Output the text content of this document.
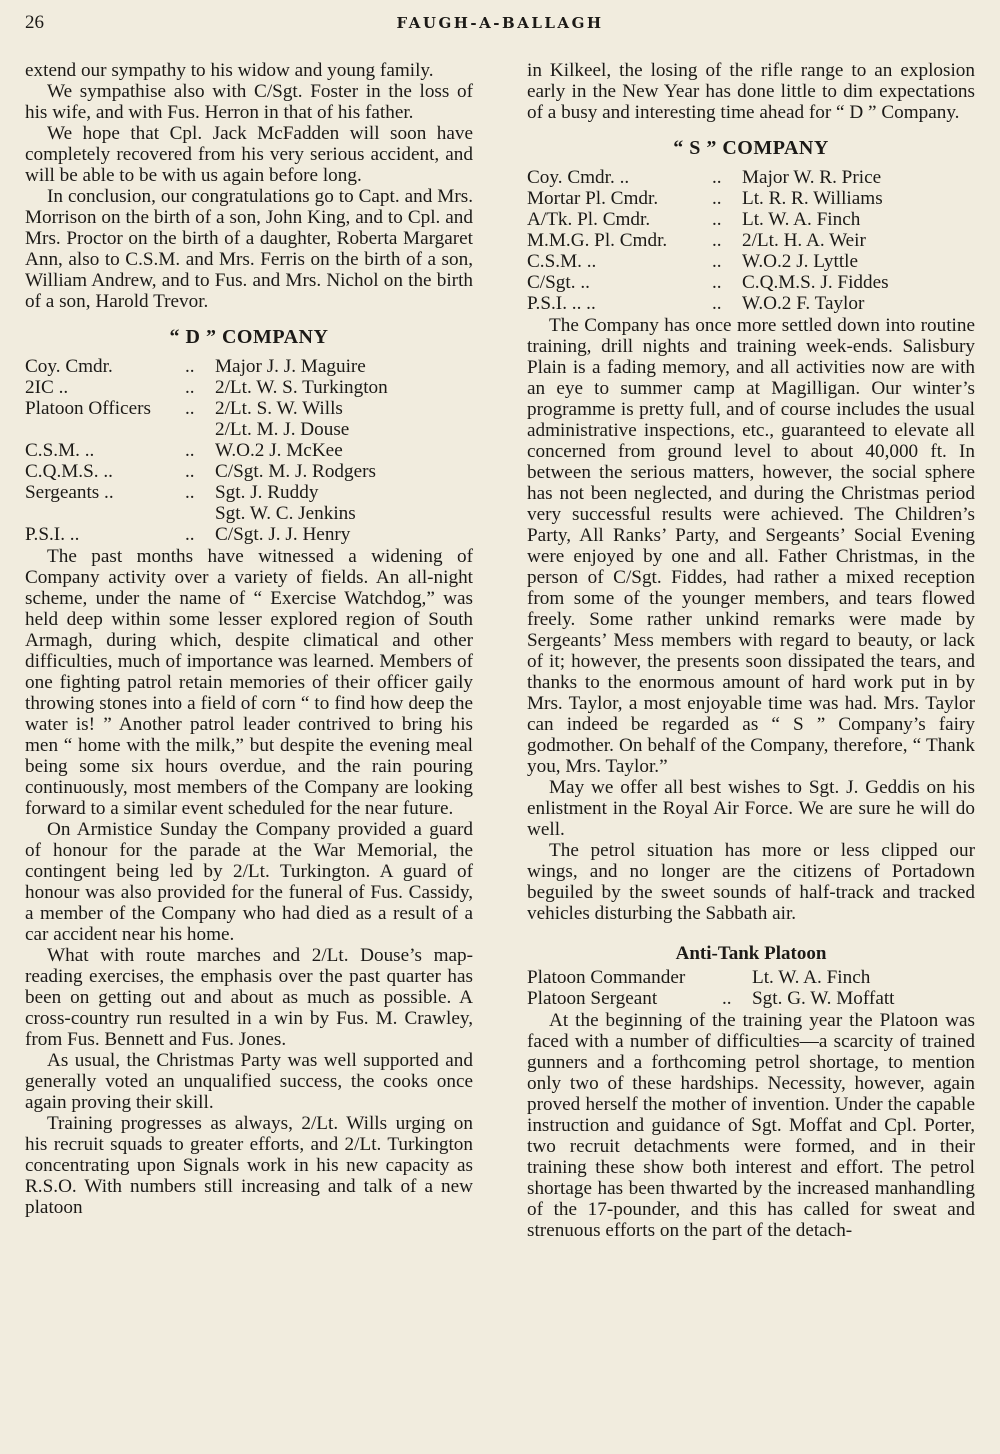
26	FAUGH-A-BALLAGH

extend our sympathy to his widow and young family.

We sympathise also with C/Sgt. Foster in the loss of his wife, and with Fus. Herron in that of his father.

We hope that Cpl. Jack McFadden will soon have completely recovered from his very serious accident, and will be able to be with us again before long.

In conclusion, our congratulations go to Capt. and Mrs. Morrison on the birth of a son, John King, and to Cpl. and Mrs. Proctor on the birth of a daughter, Roberta Margaret Ann, also to C.S.M. and Mrs. Ferris on the birth of a son, William Andrew, and to Fus. and Mrs. Nichol on the birth of a son, Harold Trevor.

“ D ” COMPANY
Coy. Cmdr.	..	Major J. J. Maguire
2IC ..	..	2/Lt. W. S. Turkington
Platoon Officers	..	2/Lt. S. W. Wills
		2/Lt. M. J. Douse
C.S.M. ..	..	W.O.2 J. McKee
C.Q.M.S. ..	..	C/Sgt. M. J. Rodgers
Sergeants ..	..	Sgt. J. Ruddy
		Sgt. W. C. Jenkins
P.S.I. ..	..	C/Sgt. J. J. Henry

The past months have witnessed a widening of Company activity over a variety of fields. An all-night scheme, under the name of “ Exercise Watchdog,” was held deep within some lesser explored region of South Armagh, during which, despite climatical and other difficulties, much of importance was learned. Members of one fighting patrol retain memories of their officer gaily throwing stones into a field of corn “ to find how deep the water is! ” Another patrol leader contrived to bring his men “ home with the milk,” but despite the evening meal being some six hours overdue, and the rain pouring continuously, most members of the Company are looking forward to a similar event scheduled for the near future.

On Armistice Sunday the Company provided a guard of honour for the parade at the War Memorial, the contingent being led by 2/Lt. Turkington. A guard of honour was also provided for the funeral of Fus. Cassidy, a member of the Company who had died as a result of a car accident near his home.

What with route marches and 2/Lt. Douse’s map-reading exercises, the emphasis over the past quarter has been on getting out and about as much as possible. A cross-country run resulted in a win by Fus. M. Crawley, from Fus. Bennett and Fus. Jones.

As usual, the Christmas Party was well supported and generally voted an unqualified success, the cooks once again proving their skill.

Training progresses as always, 2/Lt. Wills urging on his recruit squads to greater efforts, and 2/Lt. Turkington concentrating upon Signals work in his new capacity as R.S.O. With numbers still increasing and talk of a new platoon

in Kilkeel, the losing of the rifle range to an explosion early in the New Year has done little to dim expectations of a busy and interesting time ahead for “ D ” Company.

“ S ” COMPANY
Coy. Cmdr. ..	..	Major W. R. Price
Mortar Pl. Cmdr.	..	Lt. R. R. Williams
A/Tk. Pl. Cmdr.	..	Lt. W. A. Finch
M.M.G. Pl. Cmdr.	..	2/Lt. H. A. Weir
C.S.M. ..	..	W.O.2 J. Lyttle
C/Sgt. ..	..	C.Q.M.S. J. Fiddes
P.S.I. .. ..	..	W.O.2 F. Taylor

The Company has once more settled down into routine training, drill nights and training week-ends. Salisbury Plain is a fading memory, and all activities now are with an eye to summer camp at Magilligan. Our winter’s programme is pretty full, and of course includes the usual administrative inspections, etc., guaranteed to elevate all concerned from ground level to about 40,000 ft. In between the serious matters, however, the social sphere has not been neglected, and during the Christmas period very successful results were achieved. The Children’s Party, All Ranks’ Party, and Sergeants’ Social Evening were enjoyed by one and all. Father Christmas, in the person of C/Sgt. Fiddes, had rather a mixed reception from some of the younger members, and tears flowed freely. Some rather unkind remarks were made by Sergeants’ Mess members with regard to beauty, or lack of it; however, the presents soon dissipated the tears, and thanks to the enormous amount of hard work put in by Mrs. Taylor, a most enjoyable time was had. Mrs. Taylor can indeed be regarded as “ S ” Company’s fairy godmother. On behalf of the Company, therefore, “ Thank you, Mrs. Taylor.”

May we offer all best wishes to Sgt. J. Geddis on his enlistment in the Royal Air Force. We are sure he will do well.

The petrol situation has more or less clipped our wings, and no longer are the citizens of Portadown beguiled by the sweet sounds of half-track and tracked vehicles disturbing the Sabbath air.

Anti-Tank Platoon
Platoon Commander		Lt. W. A. Finch
Platoon Sergeant	..	Sgt. G. W. Moffatt

At the beginning of the training year the Platoon was faced with a number of difficulties—a scarcity of trained gunners and a forthcoming petrol shortage, to mention only two of these hardships. Necessity, however, again proved herself the mother of invention. Under the capable instruction and guidance of Sgt. Moffat and Cpl. Porter, two recruit detachments were formed, and in their training these show both interest and effort. The petrol shortage has been thwarted by the increased manhandling of the 17-pounder, and this has called for sweat and strenuous efforts on the part of the detach-
